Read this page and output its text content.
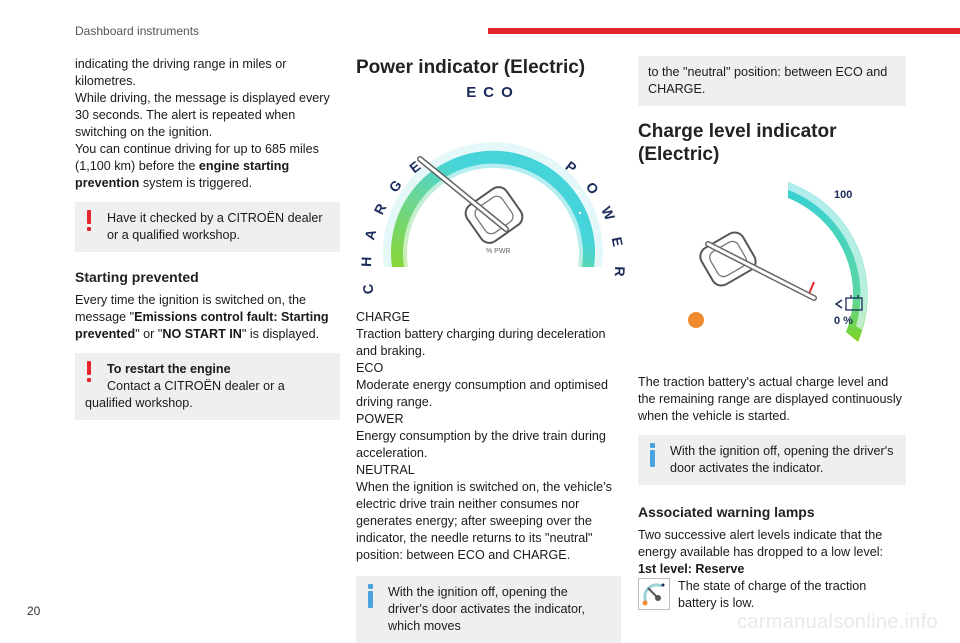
Dashboard instruments

indicating the driving range in miles or kilometres.
While driving, the message is displayed every 30 seconds. The alert is repeated when switching on the ignition.
You can continue driving for up to 685 miles (1,100 km) before the engine starting prevention system is triggered.

Have it checked by a CITROËN dealer or a qualified workshop.
Starting prevented

Every time the ignition is switched on, the message "Emissions control fault: Starting prevented" or "NO START IN" is displayed.

To restart the engine
Contact a CITROËN dealer or a qualified workshop.
Power indicator (Electric)
ECO
% PWR
C
H
A
R
G
E	P
O
W
E
R

CHARGE
Traction battery charging during deceleration and braking.

ECO
Moderate energy consumption and optimised driving range.

POWER
Energy consumption by the drive train during acceleration.

NEUTRAL
When the ignition is switched on, the vehicle’s electric drive train neither consumes nor generates energy; after sweeping over the indicator, the needle returns to its "neutral" position: between ECO and CHARGE.

With the ignition off, opening the driver's door activates the indicator, which moves
to the "neutral" position: between ECO and CHARGE.
Charge level indicator (Electric)
100
0 %

The traction battery's actual charge level and the remaining range are displayed continuously when the vehicle is started.

With the ignition off, opening the driver's door activates the indicator.
Associated warning lamps

Two successive alert levels indicate that the energy available has dropped to a low level:

1st level: Reserve

The state of charge of the traction battery is low.

20	carmanualsonline.info
